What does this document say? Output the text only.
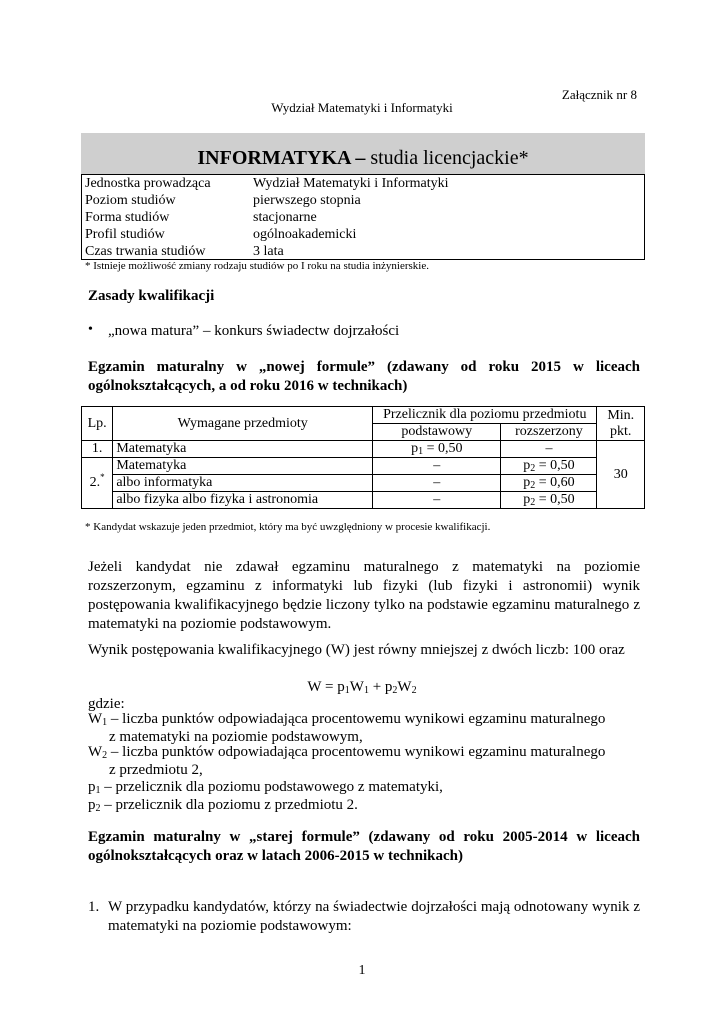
Załącznik nr 8
Wydział Matematyki i Informatyki
INFORMATYKA – studia licencjackie*
Jednostka prowadząca	Wydział Matematyki i Informatyki
Poziom studiów	pierwszego stopnia
Forma studiów	stacjonarne
Profil studiów	ogólnoakademicki
Czas trwania studiów	3 lata
* Istnieje możliwość zmiany rodzaju studiów po I roku na studia inżynierskie.
Zasady kwalifikacji
• „nowa matura” – konkurs świadectw dojrzałości
Egzamin maturalny w „nowej formule” (zdawany od roku 2015 w liceach ogólnokształcących, a od roku 2016 w technikach)
Lp.	Wymagane przedmioty	Przelicznik dla poziomu przedmiotu		Min. pkt.
		podstawowy	rozszerzony	
1.	Matematyka	$p_1 = 0,50$	–	30
2.*	Matematyka	–	$p_2 = 0,50$	
	albo informatyka	–	$p_2 = 0,60$	
	albo fizyka albo fizyka i astronomia	–	$p_2 = 0,50$	
* Kandydat wskazuje jeden przedmiot, który ma być uwzględniony w procesie kwalifikacji.
Jeżeli kandydat nie zdawał egzaminu maturalnego z matematyki na poziomie rozszerzonym, egzaminu z informatyki lub fizyki (lub fizyki i astronomii) wynik postępowania kwalifikacyjnego będzie liczony tylko na podstawie egzaminu maturalnego z matematyki na poziomie podstawowym.
Wynik postępowania kwalifikacyjnego (W) jest równy mniejszej z dwóch liczb: 100 oraz
$W = p_1W_1 + p_2W_2$
gdzie:
$W_1$ – liczba punktów odpowiadająca procentowemu wynikowi egzaminu maturalnego
z matematyki na poziomie podstawowym,
$W_2$ – liczba punktów odpowiadająca procentowemu wynikowi egzaminu maturalnego
z przedmiotu 2,
$p_1$ – przelicznik dla poziomu podstawowego z matematyki,
$p_2$ – przelicznik dla poziomu z przedmiotu 2.
Egzamin maturalny w „starej formule” (zdawany od roku 2005-2014 w liceach ogólnokształcących oraz w latach 2006-2015 w technikach)
1. W przypadku kandydatów, którzy na świadectwie dojrzałości mają odnotowany wynik z matematyki na poziomie podstawowym:
1
